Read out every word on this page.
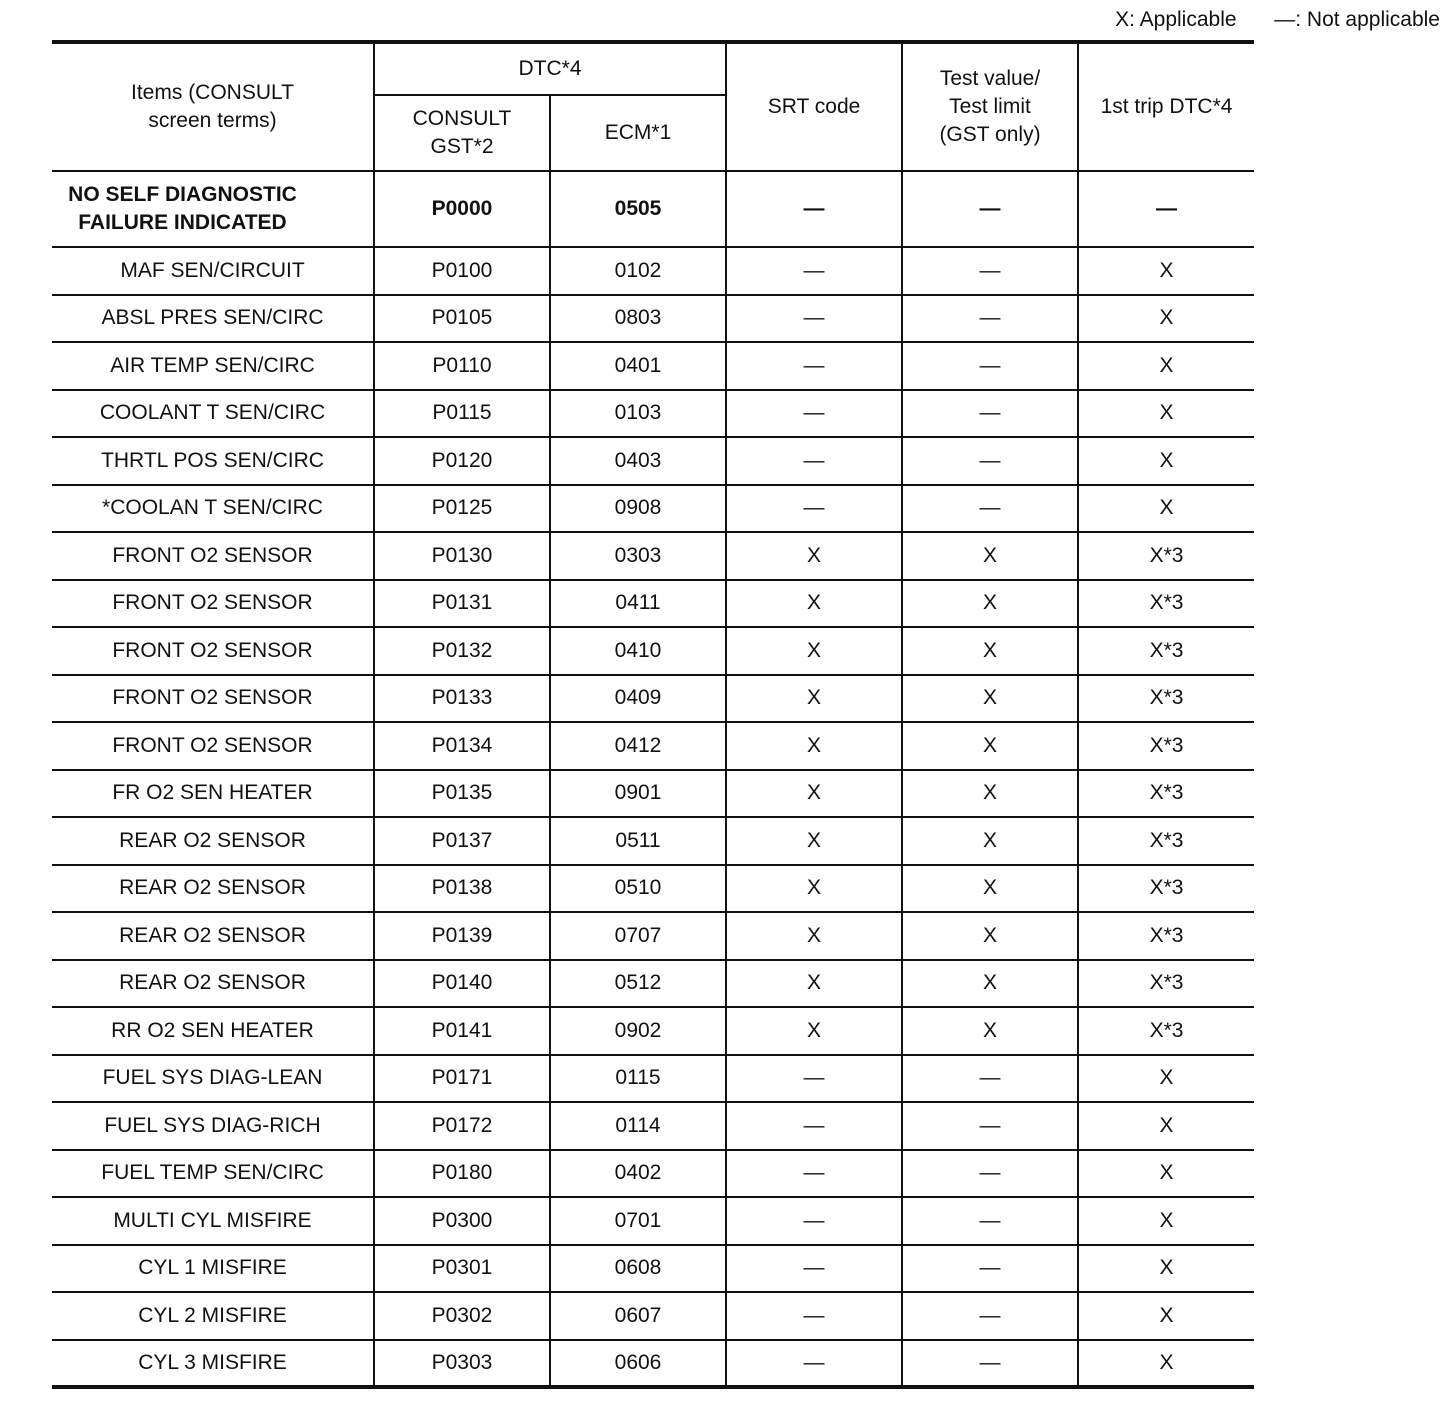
X: Applicable —: Not applicable
Items (CONSULT screen terms)	DTC*4		SRT code	Test value/ Test limit (GST only)	1st trip DTC*4

	CONSULT GST*2	ECM*1			
NO SELF DIAGNOSTIC FAILURE INDICATED	P0000	0505	—	—	—
MAF SEN/CIRCUIT	P0100	0102	—	—	X
ABSL PRES SEN/CIRC	P0105	0803	—	—	X
AIR TEMP SEN/CIRC	P0110	0401	—	—	X
COOLANT T SEN/CIRC	P0115	0103	—	—	X
THRTL POS SEN/CIRC	P0120	0403	—	—	X
*COOLAN T SEN/CIRC	P0125	0908	—	—	X
FRONT O2 SENSOR	P0130	0303	X	X	X*3
FRONT O2 SENSOR	P0131	0411	X	X	X*3
FRONT O2 SENSOR	P0132	0410	X	X	X*3
FRONT O2 SENSOR	P0133	0409	X	X	X*3
FRONT O2 SENSOR	P0134	0412	X	X	X*3
FR O2 SEN HEATER	P0135	0901	X	X	X*3
REAR O2 SENSOR	P0137	0511	X	X	X*3
REAR O2 SENSOR	P0138	0510	X	X	X*3
REAR O2 SENSOR	P0139	0707	X	X	X*3
REAR O2 SENSOR	P0140	0512	X	X	X*3
RR O2 SEN HEATER	P0141	0902	X	X	X*3
FUEL SYS DIAG-LEAN	P0171	0115	—	—	X
FUEL SYS DIAG-RICH	P0172	0114	—	—	X
FUEL TEMP SEN/CIRC	P0180	0402	—	—	X
MULTI CYL MISFIRE	P0300	0701	—	—	X
CYL 1 MISFIRE	P0301	0608	—	—	X
CYL 2 MISFIRE	P0302	0607	—	—	X
CYL 3 MISFIRE	P0303	0606	—	—	X
